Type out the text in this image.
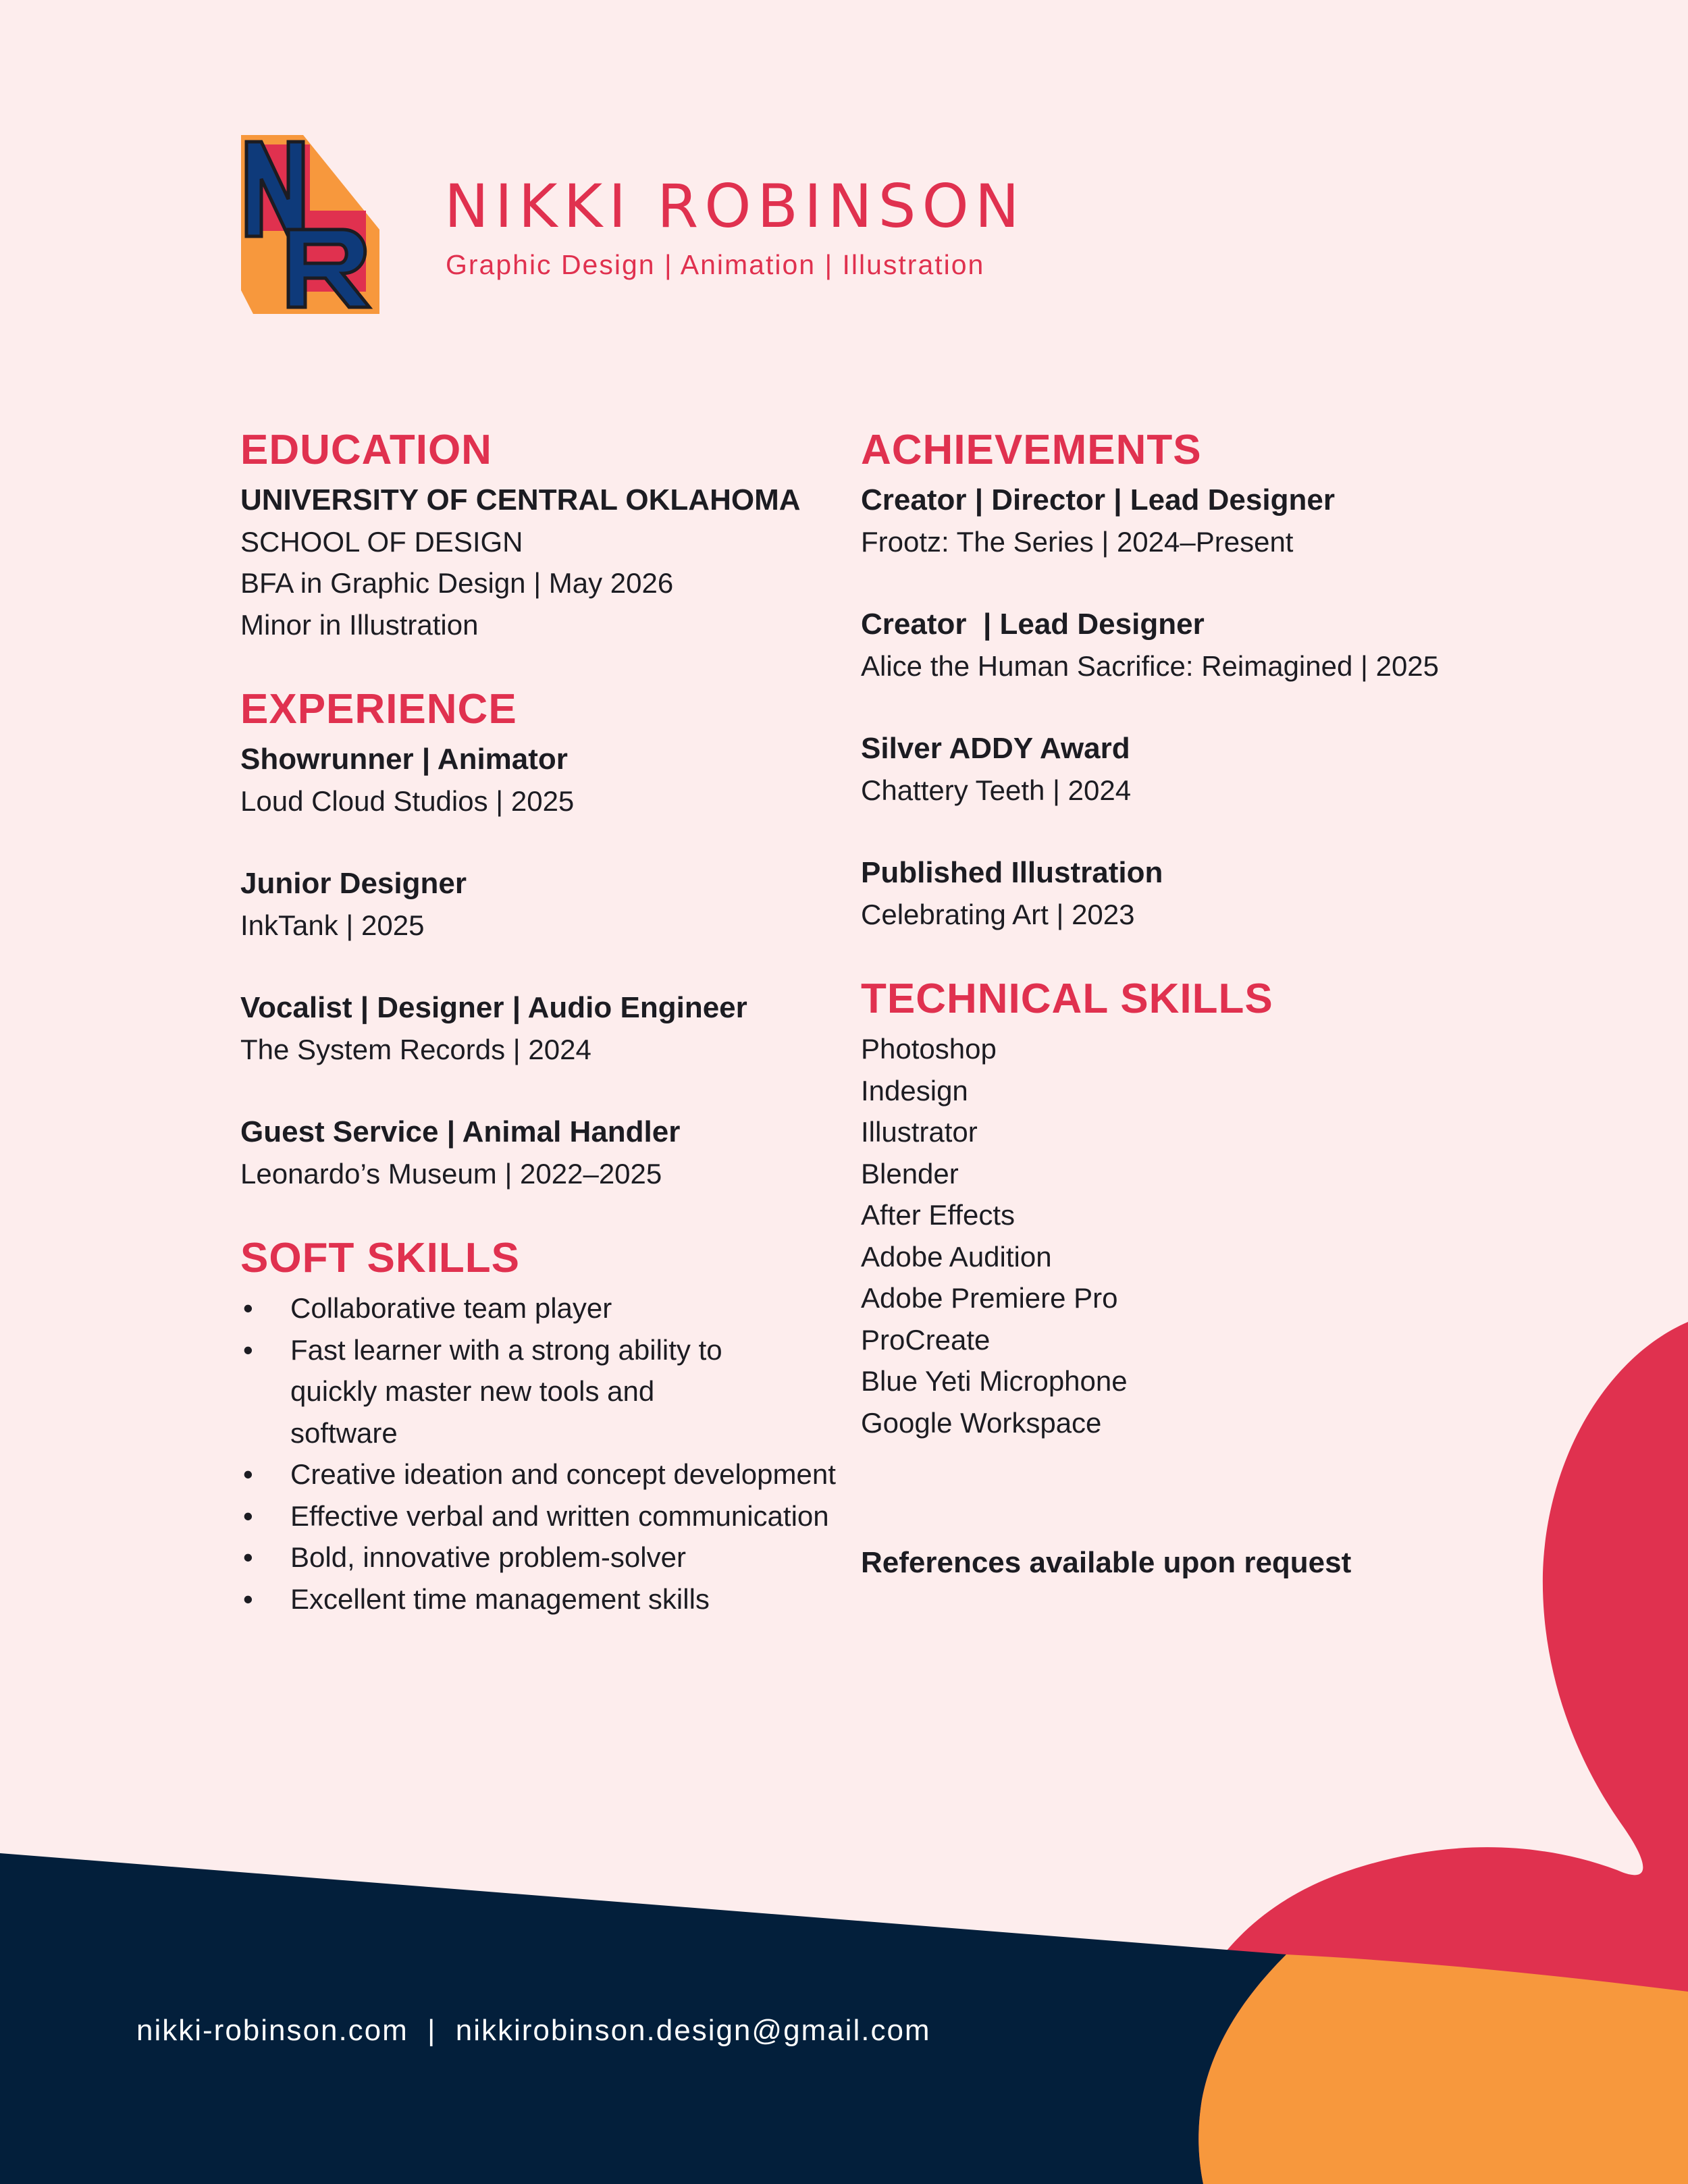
NIKKI ROBINSON
Graphic Design | Animation | Illustration
EDUCATION
UNIVERSITY OF CENTRAL OKLAHOMA
SCHOOL OF DESIGN
BFA in Graphic Design | May 2026
Minor in Illustration
EXPERIENCE
Showrunner | Animator
Loud Cloud Studios | 2025
Junior Designer
InkTank | 2025
Vocalist | Designer | Audio Engineer
The System Records | 2024
Guest Service | Animal Handler
Leonardo’s Museum | 2022–2025
SOFT SKILLS
• Collaborative team player
• Fast learner with a strong ability to quickly master new tools and software
• Creative ideation and concept development
• Effective verbal and written communication
• Bold, innovative problem-solver
• Excellent time management skills
ACHIEVEMENTS
Creator | Director | Lead Designer
Frootz: The Series | 2024–Present
Creator  | Lead Designer
Alice the Human Sacrifice: Reimagined | 2025
Silver ADDY Award
Chattery Teeth | 2024
Published Illustration
Celebrating Art | 2023
TECHNICAL SKILLS
Photoshop
Indesign
Illustrator
Blender
After Effects
Adobe Audition
Adobe Premiere Pro
ProCreate
Blue Yeti Microphone
Google Workspace
References available upon request
nikki-robinson.com | nikkirobinson.design@gmail.com
